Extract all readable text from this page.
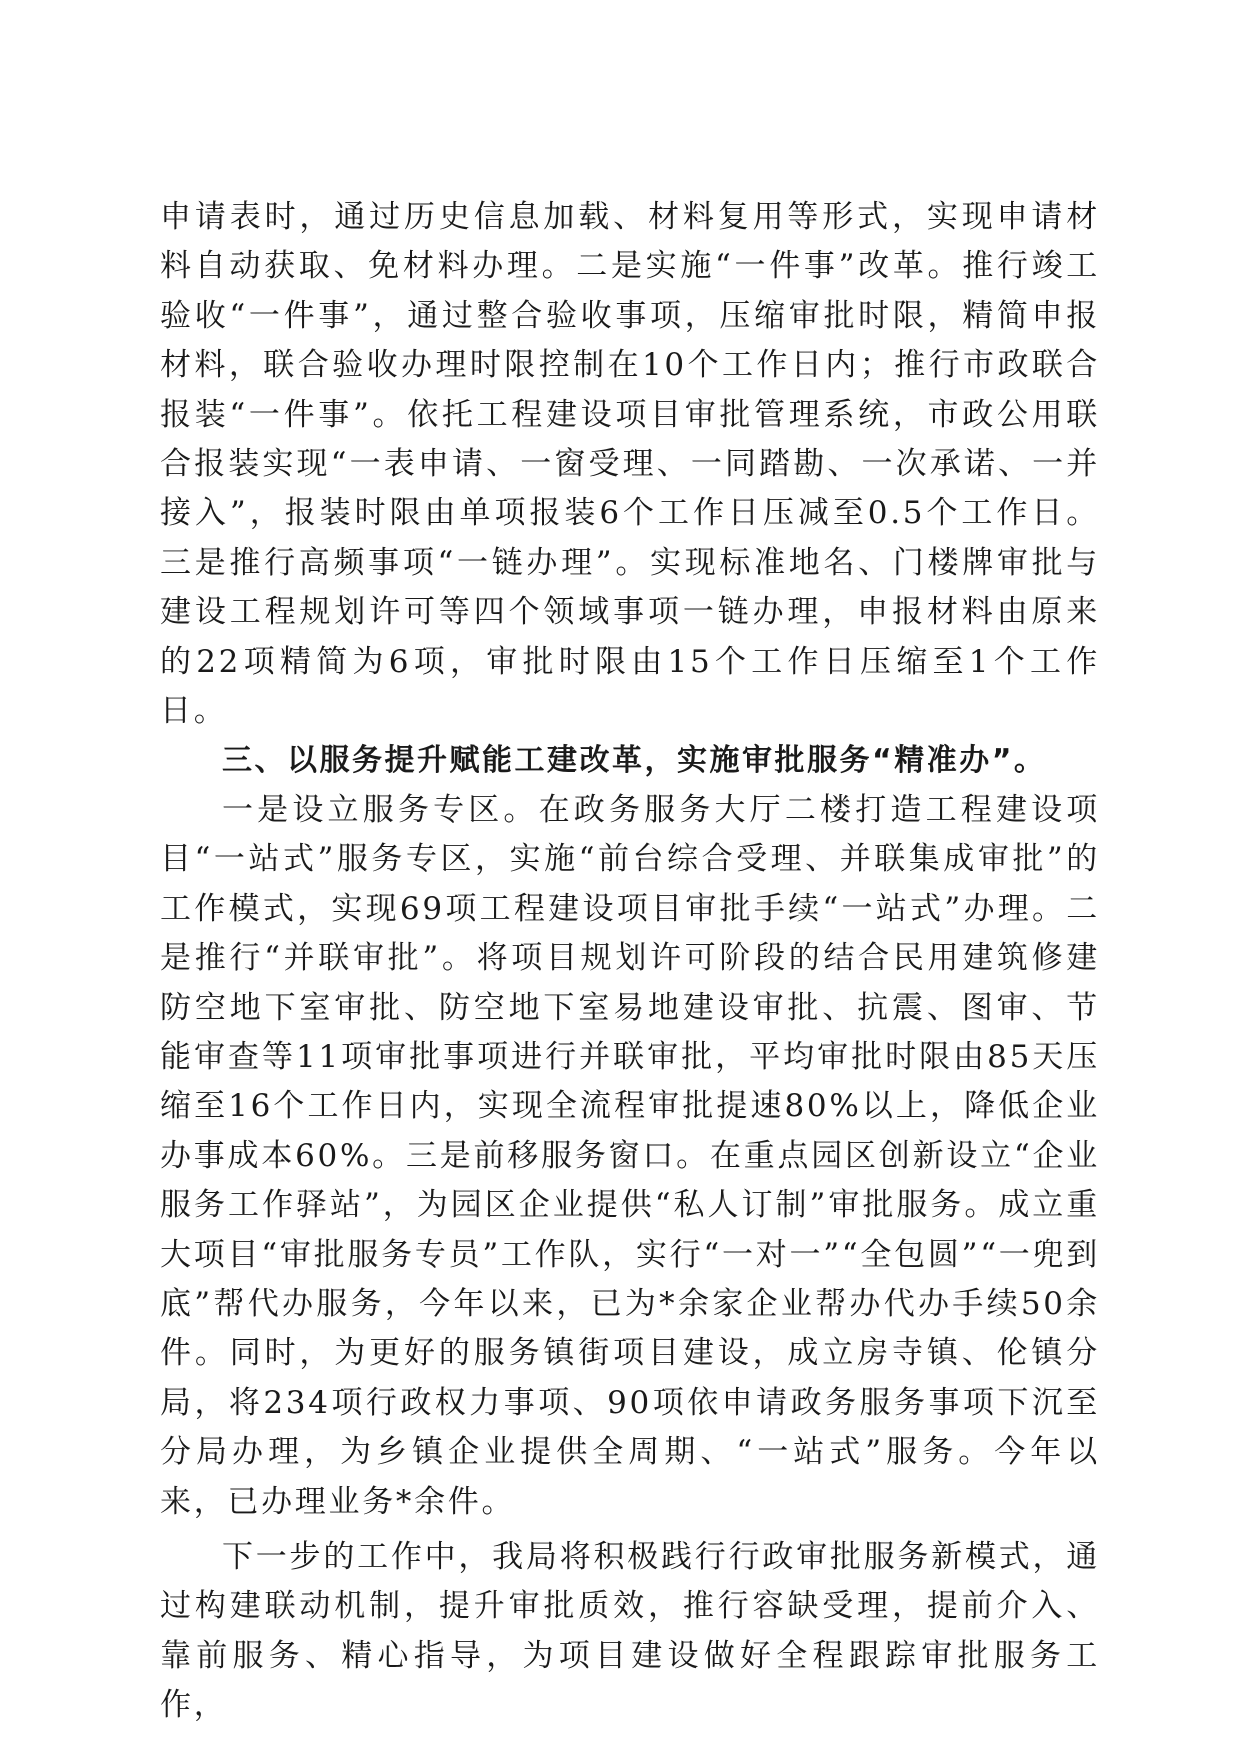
申请表时，通过历史信息加载、材料复用等形式，实现申请材料自动获取、免材料办理。二是实施“一件事”改革。推行竣工验收“一件事”，通过整合验收事项，压缩审批时限，精简申报材料，联合验收办理时限控制在10个工作日内；推行市政联合报装“一件事”。依托工程建设项目审批管理系统，市政公用联合报装实现“一表申请、一窗受理、一同踏勘、一次承诺、一并接入”，报装时限由单项报装6个工作日压减至0.5个工作日。三是推行高频事项“一链办理”。实现标准地名、门楼牌审批与建设工程规划许可等四个领域事项一链办理，申报材料由原来的22项精简为6项，审批时限由15个工作日压缩至1个工作日。

三、以服务提升赋能工建改革，实施审批服务“精准办”。

一是设立服务专区。在政务服务大厅二楼打造工程建设项目“一站式”服务专区，实施“前台综合受理、并联集成审批”的工作模式，实现69项工程建设项目审批手续“一站式”办理。二是推行“并联审批”。将项目规划许可阶段的结合民用建筑修建防空地下室审批、防空地下室易地建设审批、抗震、图审、节能审查等11项审批事项进行并联审批，平均审批时限由85天压缩至16个工作日内，实现全流程审批提速80%以上，降低企业办事成本60%。三是前移服务窗口。在重点园区创新设立“企业服务工作驿站”，为园区企业提供“私人订制”审批服务。成立重大项目“审批服务专员”工作队，实行“一对一”“全包圆”“一兜到底”帮代办服务，今年以来，已为*余家企业帮办代办手续50余件。同时，为更好的服务镇街项目建设，成立房寺镇、伦镇分局，将234项行政权力事项、90项依申请政务服务事项下沉至分局办理，为乡镇企业提供全周期、“一站式”服务。今年以来，已办理业务*余件。

下一步的工作中，我局将积极践行行政审批服务新模式，通过构建联动机制，提升审批质效，推行容缺受理，提前介入、靠前服务、精心指导，为项目建设做好全程跟踪审批服务工作，
